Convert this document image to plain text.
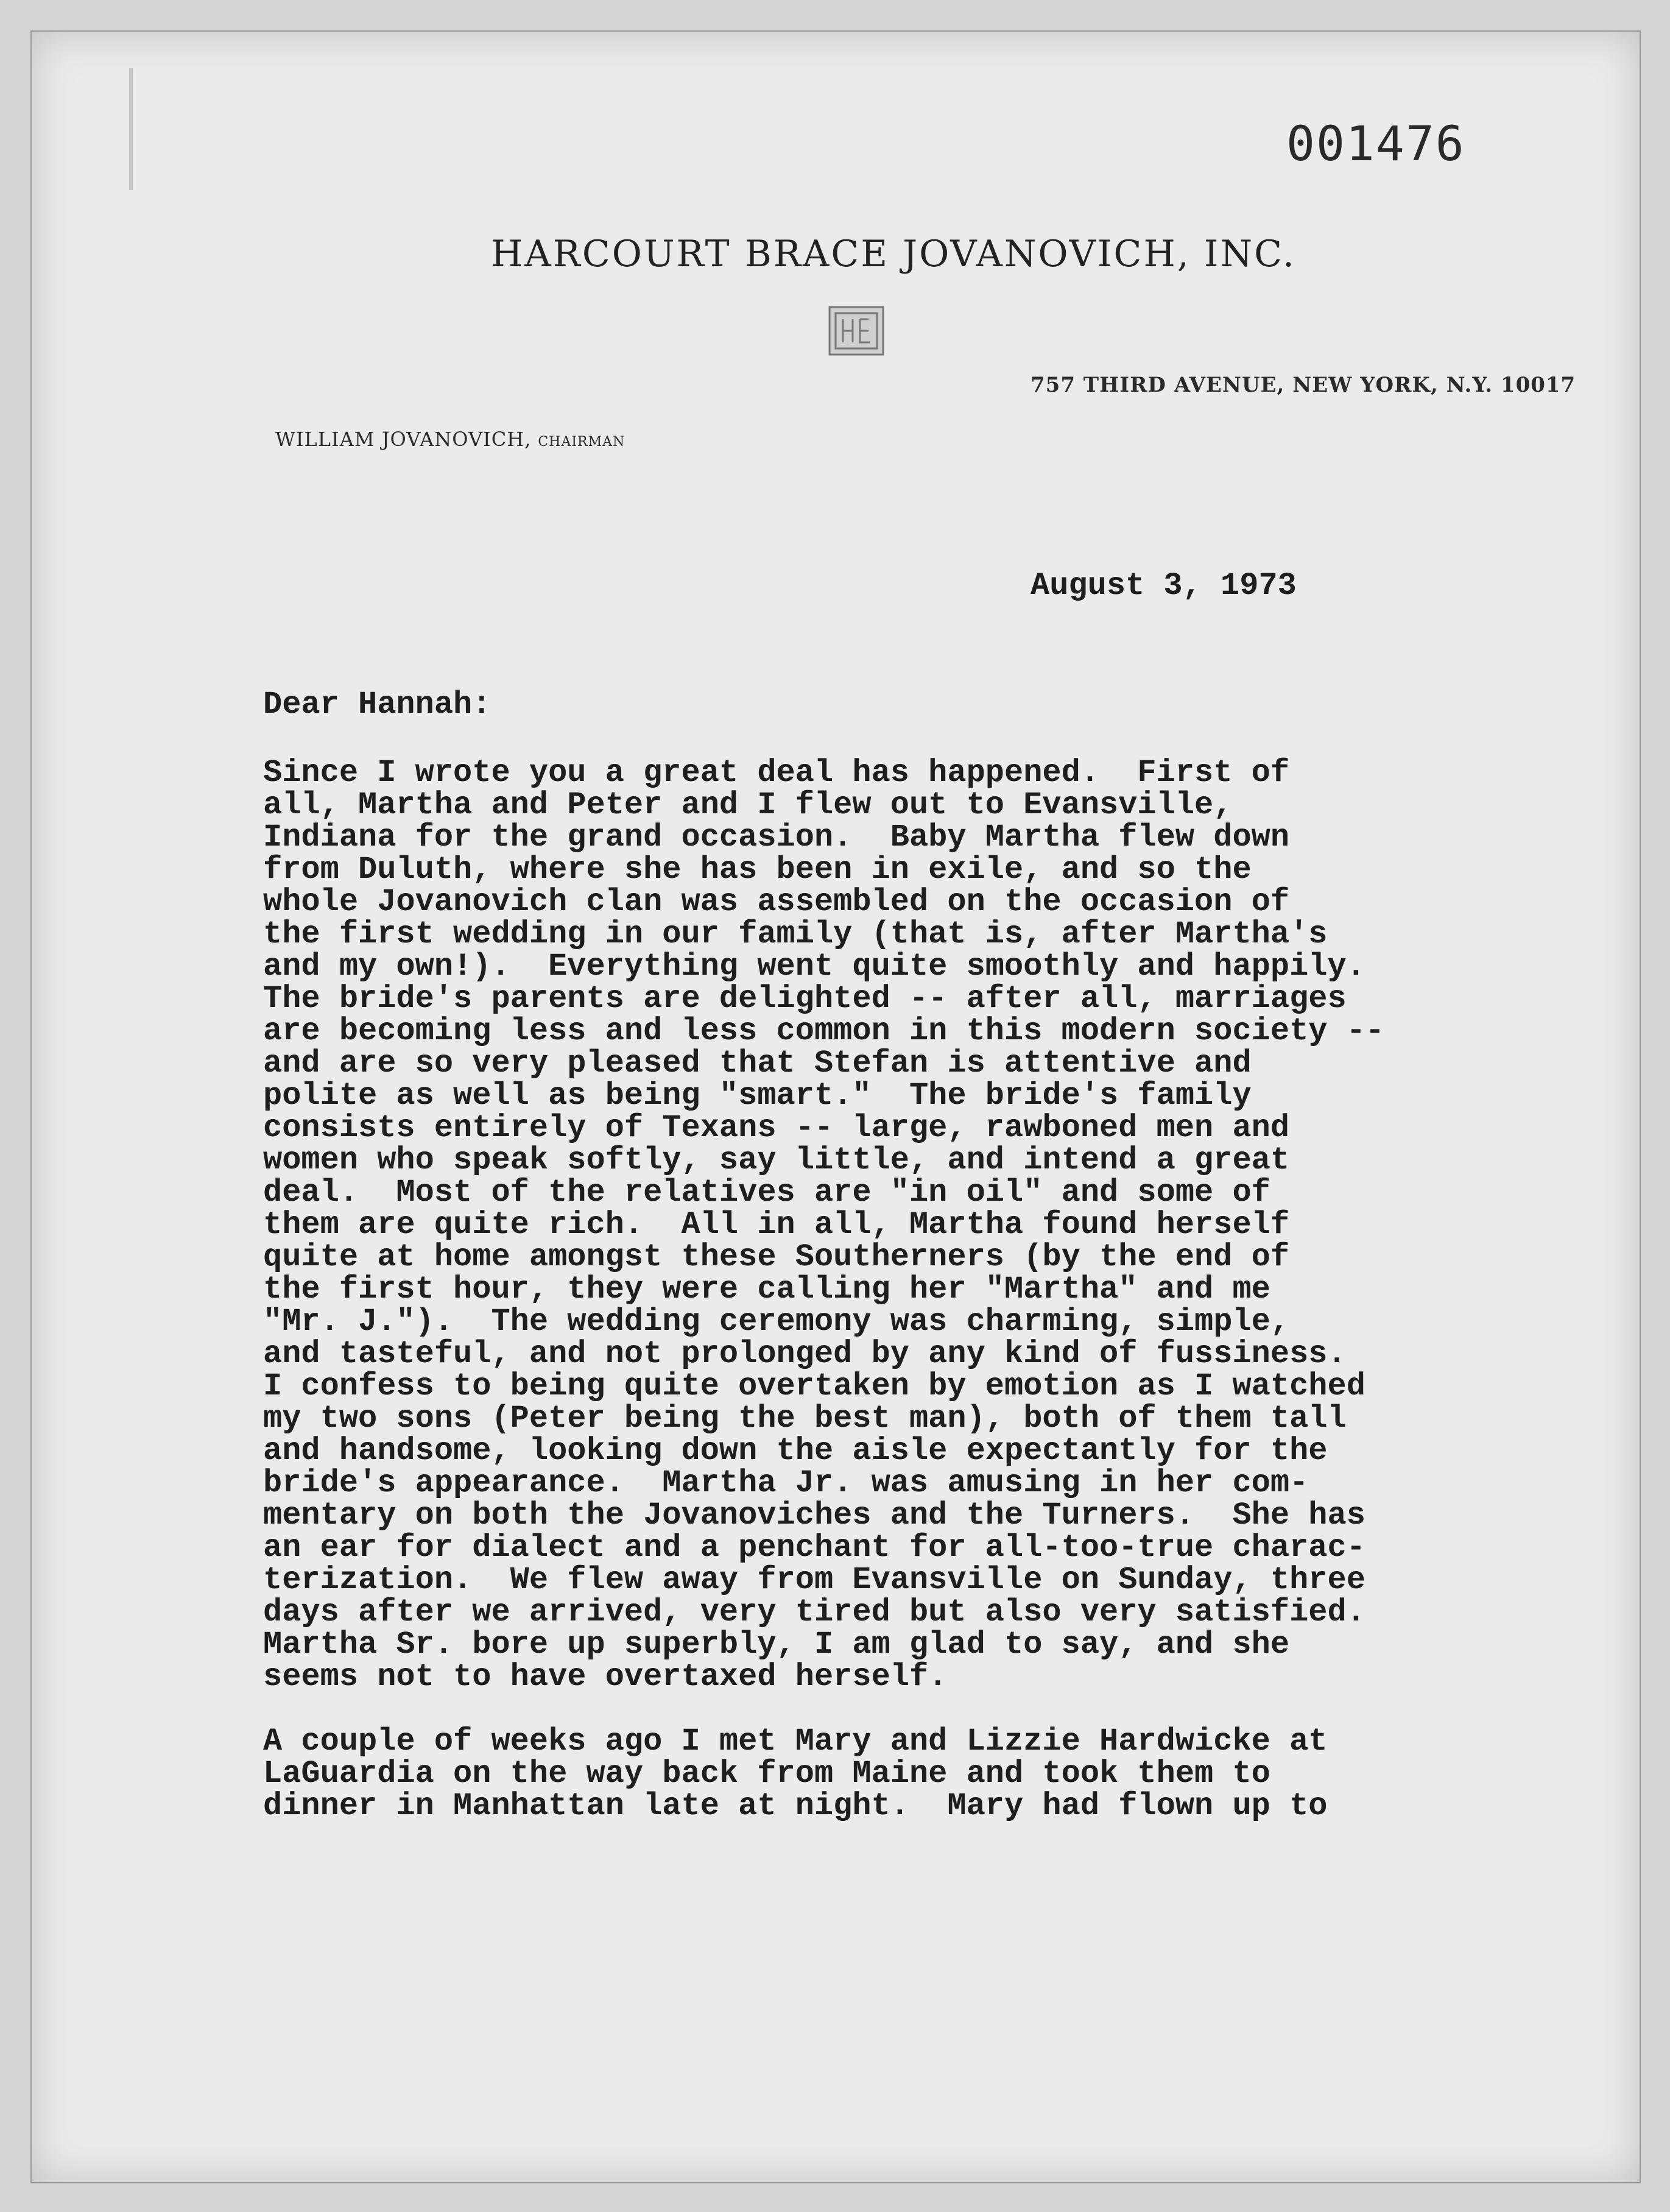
001476
HARCOURT BRACE JOVANOVICH, INC.
757 THIRD AVENUE, NEW YORK, N.Y. 10017
WILLIAM JOVANOVICH, CHAIRMAN
August 3, 1973
Dear Hannah:

Since I wrote you a great deal has happened.  First of
all, Martha and Peter and I flew out to Evansville,
Indiana for the grand occasion.  Baby Martha flew down
from Duluth, where she has been in exile, and so the
whole Jovanovich clan was assembled on the occasion of
the first wedding in our family (that is, after Martha's
and my own!).  Everything went quite smoothly and happily.
The bride's parents are delighted -- after all, marriages
are becoming less and less common in this modern society --
and are so very pleased that Stefan is attentive and
polite as well as being "smart."  The bride's family
consists entirely of Texans -- large, rawboned men and
women who speak softly, say little, and intend a great
deal.  Most of the relatives are "in oil" and some of
them are quite rich.  All in all, Martha found herself
quite at home amongst these Southerners (by the end of
the first hour, they were calling her "Martha" and me
"Mr. J.").  The wedding ceremony was charming, simple,
and tasteful, and not prolonged by any kind of fussiness.
I confess to being quite overtaken by emotion as I watched
my two sons (Peter being the best man), both of them tall
and handsome, looking down the aisle expectantly for the
bride's appearance.  Martha Jr. was amusing in her com-
mentary on both the Jovanoviches and the Turners.  She has
an ear for dialect and a penchant for all-too-true charac-
terization.  We flew away from Evansville on Sunday, three
days after we arrived, very tired but also very satisfied.
Martha Sr. bore up superbly, I am glad to say, and she
seems not to have overtaxed herself.

A couple of weeks ago I met Mary and Lizzie Hardwicke at
LaGuardia on the way back from Maine and took them to
dinner in Manhattan late at night.  Mary had flown up to
